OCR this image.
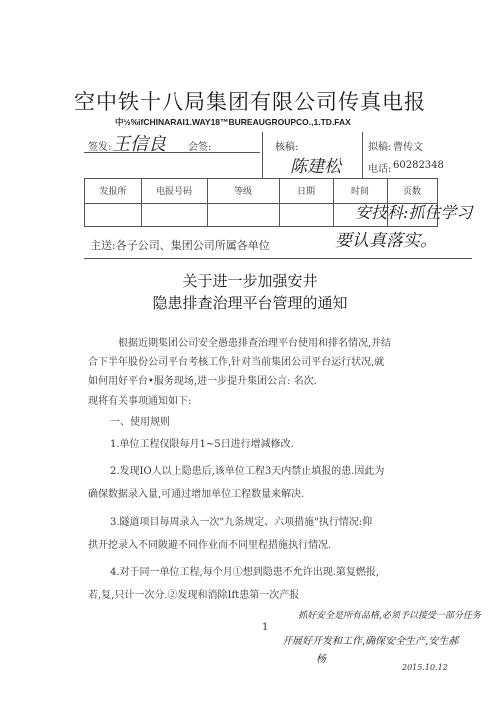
空中铁十八局集团有限公司传真电报
中½%ifCHINARAI1.WAY18™BUREAUGROUPCO.,1.TD.FAX
签发: 王信良 会签:	核稿:
陈建松
拟稿: 曹传文
电话: 60282348
发报所	电报号码	等级	日期	时间	页数
主送:各子公司、集团公司所属各单位
安技科:抓住学习
要认真落实。
关于进一步加强安井
隐患排查治理平台管理的通知
根据近期集团公司安全愚患排查治理平台使用和排名情况,并结
合下半年股份公司平台考核工作,针对当前集团公司平台运行状况,就
如何用好平台•服务现场,进一步提升集团公言: 名次.
现将有关事项通知如下:
一、使用规则
1.单位工程仅限每月1~5日进行增减修改.
2.发现IO人以上隐患后,该单位工程3天内禁止填报的患.因此为
确保数据录入量,可通过增加单位工程数量来解决.
3.隧道项目每周录入一次"九条规定、六项措施"执行情况:仰
拱开挖录入不同陂避不同作业而不同里程措施执行情况.
4.对于同一单位工程,每个月①想到隐患不允许出现.第复燃报,
若,复,只计一次分.②发现和消除Ift患第一次产报
1
抓好安全是所有品格,必须予以接受一部分任务
开展好开发和工作,确保安全生产,安生郝
杨
2015.10.12
